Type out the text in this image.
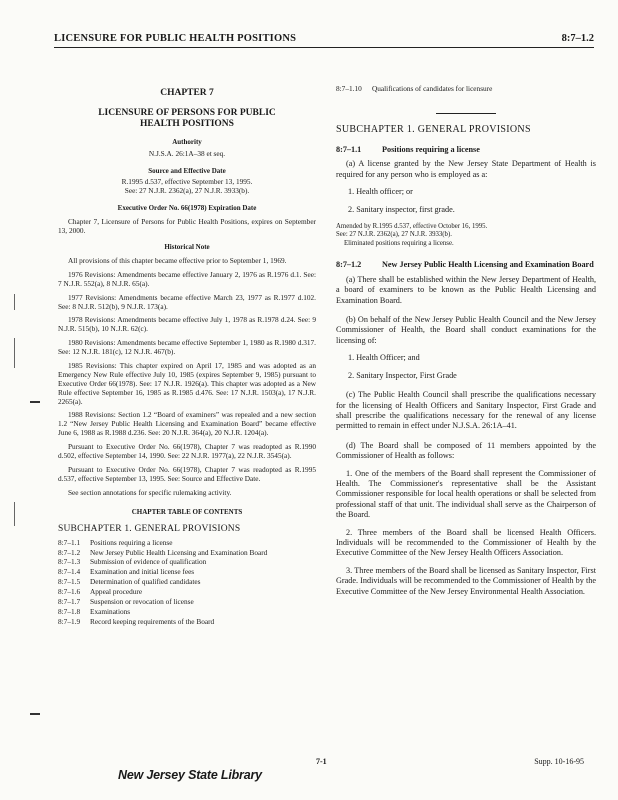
LICENSURE FOR PUBLIC HEALTH POSITIONS	8:7–1.2
CHAPTER 7
LICENSURE OF PERSONS FOR PUBLIC HEALTH POSITIONS
Authority
N.J.S.A. 26:1A–38 et seq.
Source and Effective Date
R.1995 d.537, effective September 13, 1995.
See: 27 N.J.R. 2362(a), 27 N.J.R. 3933(b).
Executive Order No. 66(1978) Expiration Date
Chapter 7, Licensure of Persons for Public Health Positions, expires on September 13, 2000.
Historical Note
All provisions of this chapter became effective prior to September 1, 1969.
1976 Revisions: Amendments became effective January 2, 1976 as R.1976 d.1. See: 7 N.J.R. 552(a), 8 N.J.R. 65(a).
1977 Revisions: Amendments became effective March 23, 1977 as R.1977 d.102. See: 8 N.J.R. 512(b), 9 N.J.R. 173(a).
1978 Revisions: Amendments became effective July 1, 1978 as R.1978 d.24. See: 9 N.J.R. 515(b), 10 N.J.R. 62(c).
1980 Revisions: Amendments became effective September 1, 1980 as R.1980 d.317. See: 12 N.J.R. 181(c), 12 N.J.R. 467(b).
1985 Revisions: This chapter expired on April 17, 1985 and was adopted as an Emergency New Rule effective July 10, 1985 (expires September 9, 1985) pursuant to Executive Order 66(1978). See: 17 N.J.R. 1926(a). This chapter was adopted as a New Rule effective September 16, 1985 as R.1985 d.476. See: 17 N.J.R. 1503(a), 17 N.J.R. 2265(a).
1988 Revisions: Section 1.2 “Board of examiners” was repealed and a new section 1.2 “New Jersey Public Health Licensing and Examination Board” became effective June 6, 1988 as R.1988 d.236. See: 20 N.J.R. 364(a), 20 N.J.R. 1204(a).
Pursuant to Executive Order No. 66(1978), Chapter 7 was readopted as R.1990 d.502, effective September 14, 1990. See: 22 N.J.R. 1977(a), 22 N.J.R. 3545(a).
Pursuant to Executive Order No. 66(1978), Chapter 7 was readopted as R.1995 d.537, effective September 13, 1995. See: Source and Effective Date.
See section annotations for specific rulemaking activity.
CHAPTER TABLE OF CONTENTS
SUBCHAPTER 1. GENERAL PROVISIONS
8:7–1.1	Positions requiring a license
8:7–1.2	New Jersey Public Health Licensing and Examination Board
8:7–1.3	Submission of evidence of qualification
8:7–1.4	Examination and initial license fees
8:7–1.5	Determination of qualified candidates
8:7–1.6	Appeal procedure
8:7–1.7	Suspension or revocation of license
8:7–1.8	Examinations
8:7–1.9	Record keeping requirements of the Board
8:7–1.10	Qualifications of candidates for licensure
SUBCHAPTER 1. GENERAL PROVISIONS
8:7–1.1	Positions requiring a license
(a) A license granted by the New Jersey State Department of Health is required for any person who is employed as a:
1. Health officer; or
2. Sanitary inspector, first grade.
Amended by R.1995 d.537, effective October 16, 1995.
See: 27 N.J.R. 2362(a), 27 N.J.R. 3933(b).
Eliminated positions requiring a license.
8:7–1.2	New Jersey Public Health Licensing and Examination Board
(a) There shall be established within the New Jersey Department of Health, a board of examiners to be known as the Public Health Licensing and Examination Board.
(b) On behalf of the New Jersey Public Health Council and the New Jersey Commissioner of Health, the Board shall conduct examinations for the licensing of:
1. Health Officer; and
2. Sanitary Inspector, First Grade
(c) The Public Health Council shall prescribe the qualifications necessary for the licensing of Health Officers and Sanitary Inspector, First Grade and shall prescribe the qualifications necessary for the renewal of any license permitted to remain in effect under N.J.S.A. 26:1A–41.
(d) The Board shall be composed of 11 members appointed by the Commissioner of Health as follows:
1. One of the members of the Board shall represent the Commissioner of Health. The Commissioner's representative shall be the Assistant Commissioner responsible for local health operations or shall be selected from professional staff of that unit. The individual shall serve as the Chairperson of the Board.
2. Three members of the Board shall be licensed Health Officers. Individuals will be recommended to the Commissioner of Health by the Executive Committee of the New Jersey Health Officers Association.
3. Three members of the Board shall be licensed as Sanitary Inspector, First Grade. Individuals will be recommended to the Commissioner of Health by the Executive Committee of the New Jersey Environmental Health Association.
New Jersey State Library
7-1	Supp. 10-16-95
